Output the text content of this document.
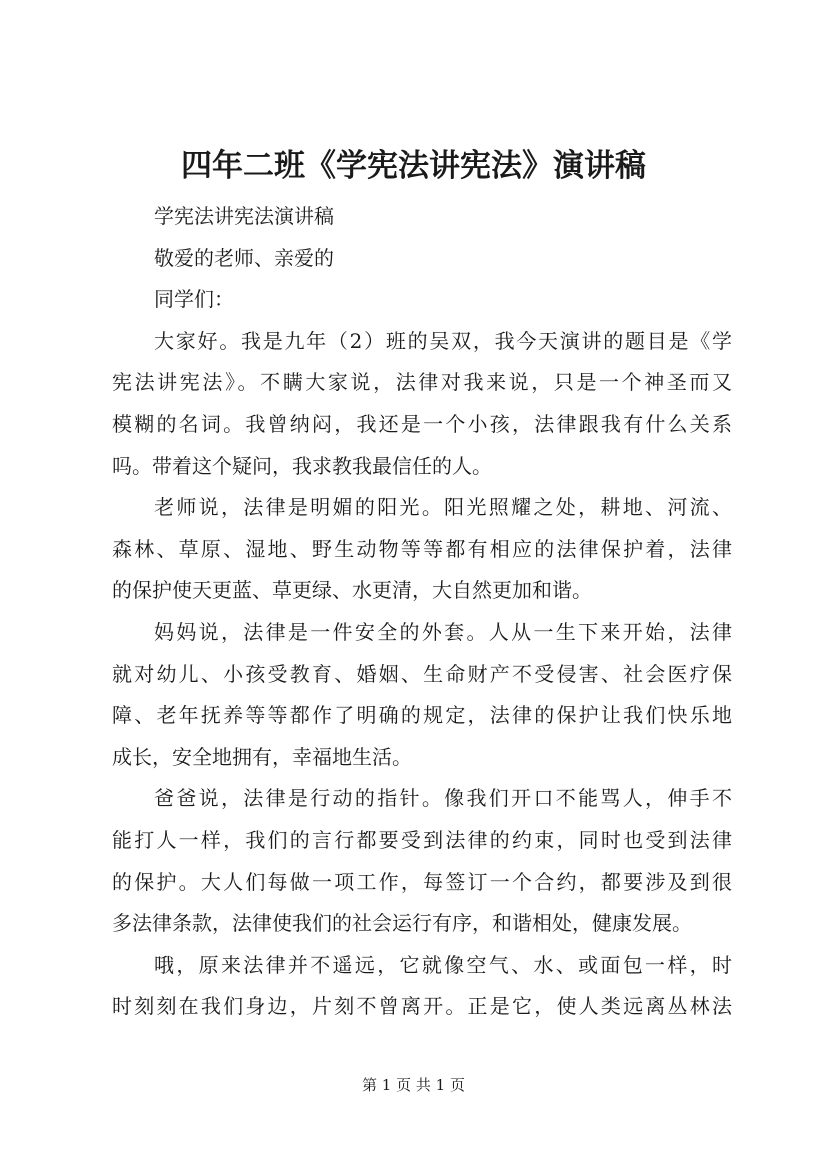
四年二班《学宪法讲宪法》演讲稿
学宪法讲宪法演讲稿
敬爱的老师、亲爱的
同学们：
大家好。我是九年（2）班的吴双，我今天演讲的题目是《学
宪法讲宪法》。不瞒大家说，法律对我来说，只是一个神圣而又
模糊的名词。我曾纳闷，我还是一个小孩，法律跟我有什么关系
吗。带着这个疑问，我求教我最信任的人。
老师说，法律是明媚的阳光。阳光照耀之处，耕地、河流、
森林、草原、湿地、野生动物等等都有相应的法律保护着，法律
的保护使天更蓝、草更绿、水更清，大自然更加和谐。
妈妈说，法律是一件安全的外套。人从一生下来开始，法律
就对幼儿、小孩受教育、婚姻、生命财产不受侵害、社会医疗保
障、老年抚养等等都作了明确的规定，法律的保护让我们快乐地
成长，安全地拥有，幸福地生活。
爸爸说，法律是行动的指针。像我们开口不能骂人，伸手不
能打人一样，我们的言行都要受到法律的约束，同时也受到法律
的保护。大人们每做一项工作，每签订一个合约，都要涉及到很
多法律条款，法律使我们的社会运行有序，和谐相处，健康发展。
哦，原来法律并不遥远，它就像空气、水、或面包一样，时
时刻刻在我们身边，片刻不曾离开。正是它，使人类远离丛林法
第 1 页 共 1 页
